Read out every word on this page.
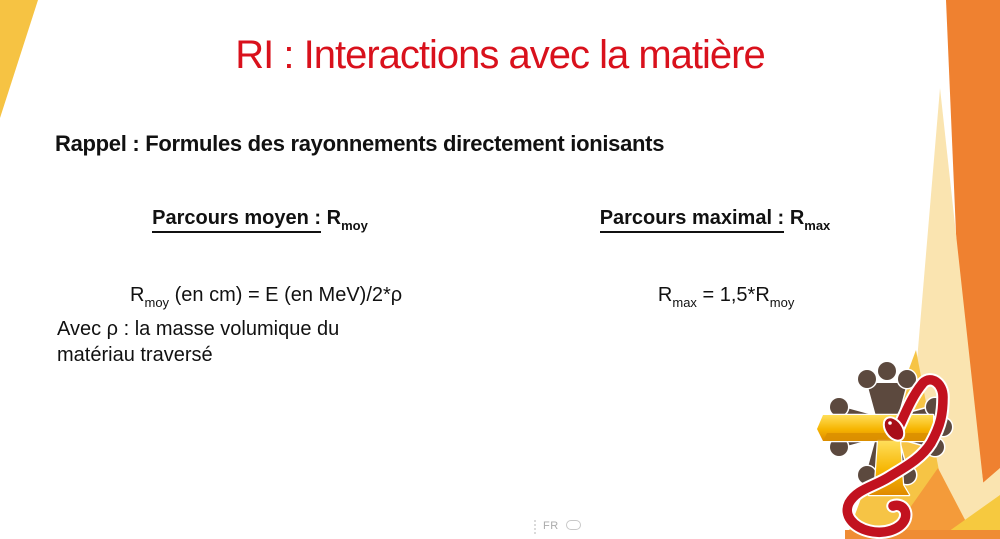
RI : Interactions avec la matière
Rappel : Formules des rayonnements directement ionisants
Parcours moyen : $R_{moy}$	Parcours maximal : $R_{max}$

$R_{moy}$ (en cm) = E (en MeV)/2*ρ
	$R_{max} = 1,5*R_{moy}$

Avec ρ : la masse volumique du
matériau traversé
FR
